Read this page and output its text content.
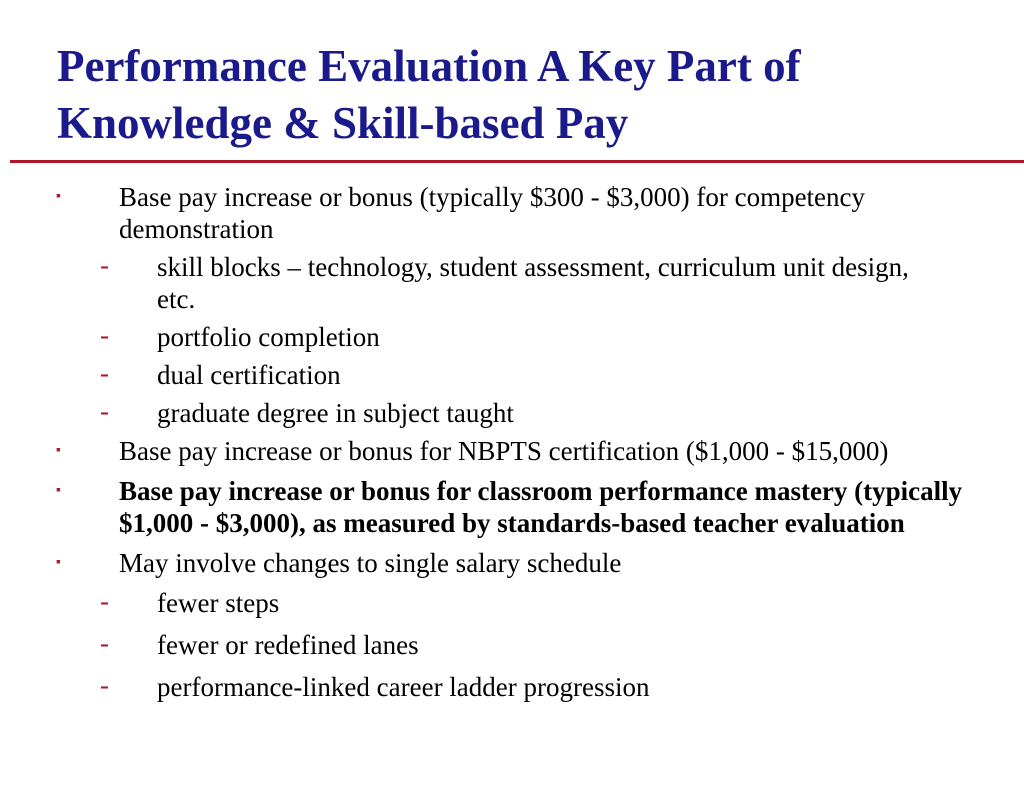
Performance Evaluation A Key Part of
Knowledge & Skill-based Pay
▪ Base pay increase or bonus (typically $300 - $3,000) for competency demonstration
- skill blocks – technology, student assessment, curriculum unit design, etc.
- portfolio completion
- dual certification
- graduate degree in subject taught
▪ Base pay increase or bonus for NBPTS certification ($1,000 - $15,000)
▪ Base pay increase or bonus for classroom performance mastery (typically $1,000 - $3,000), as measured by standards-based teacher evaluation
▪ May involve changes to single salary schedule
- fewer steps
- fewer or redefined lanes
- performance-linked career ladder progression
